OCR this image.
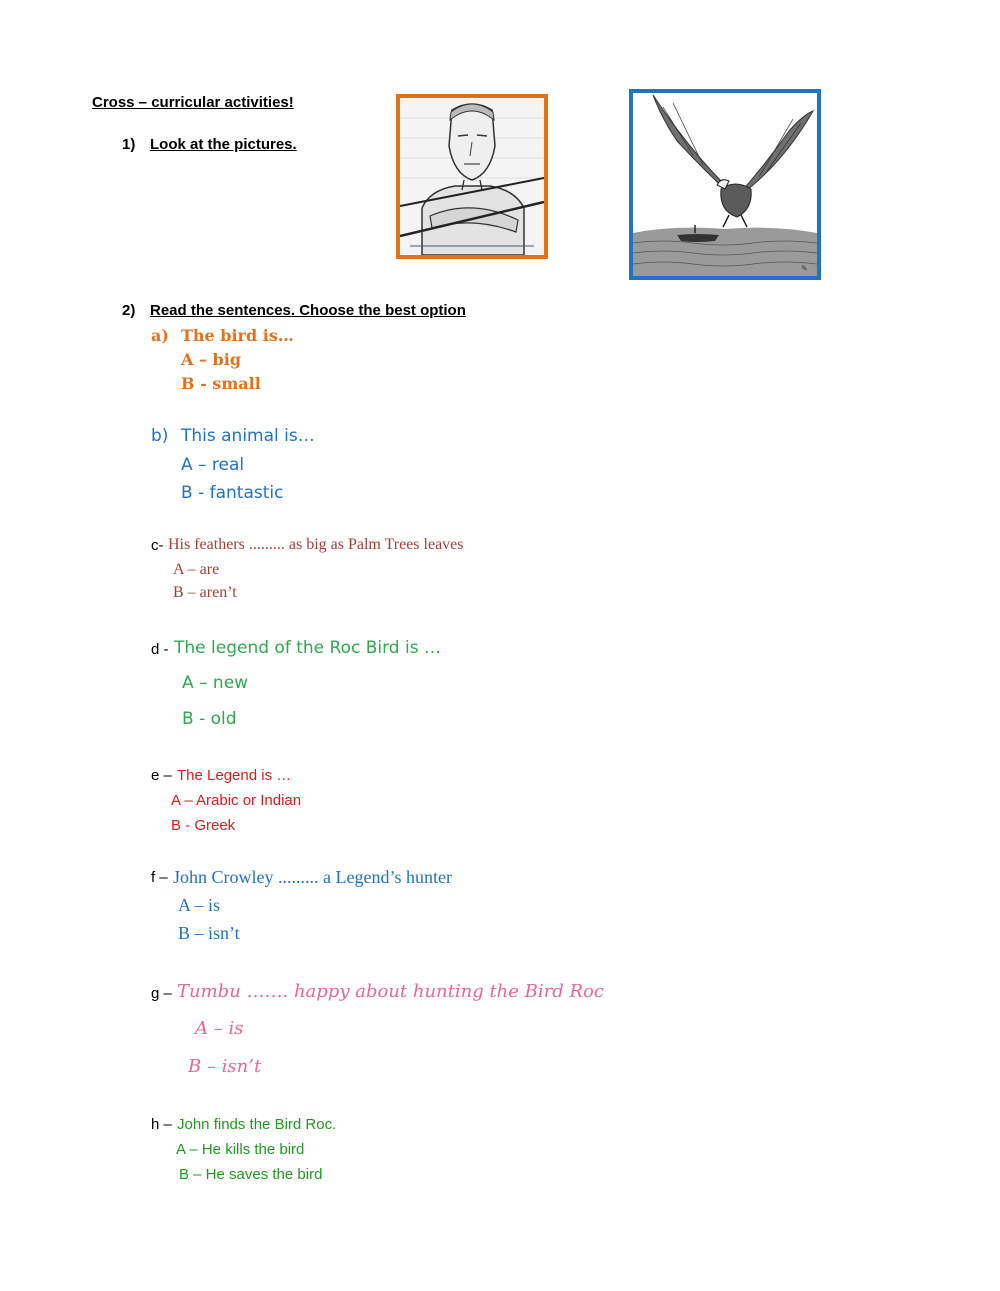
Cross – curricular activities!
1) Look at the pictures.
✎
2) Read the sentences. Choose the best option
a) The bird is…
A – big
B - small
b) This animal is…
A – real
B - fantastic
c- His feathers ......... as big as Palm Trees leaves
A – are
B – aren’t
d - The legend of the Roc Bird is …
A – new
B - old
e – The Legend is …
A – Arabic or Indian
B - Greek
f – John Crowley ......... a Legend’s hunter
A – is
B – isn’t
g – Tumbu ……. happy about hunting the Bird Roc
A – is
B – isn’t
h – John finds the Bird Roc.
A – He kills the bird
B – He saves the bird
